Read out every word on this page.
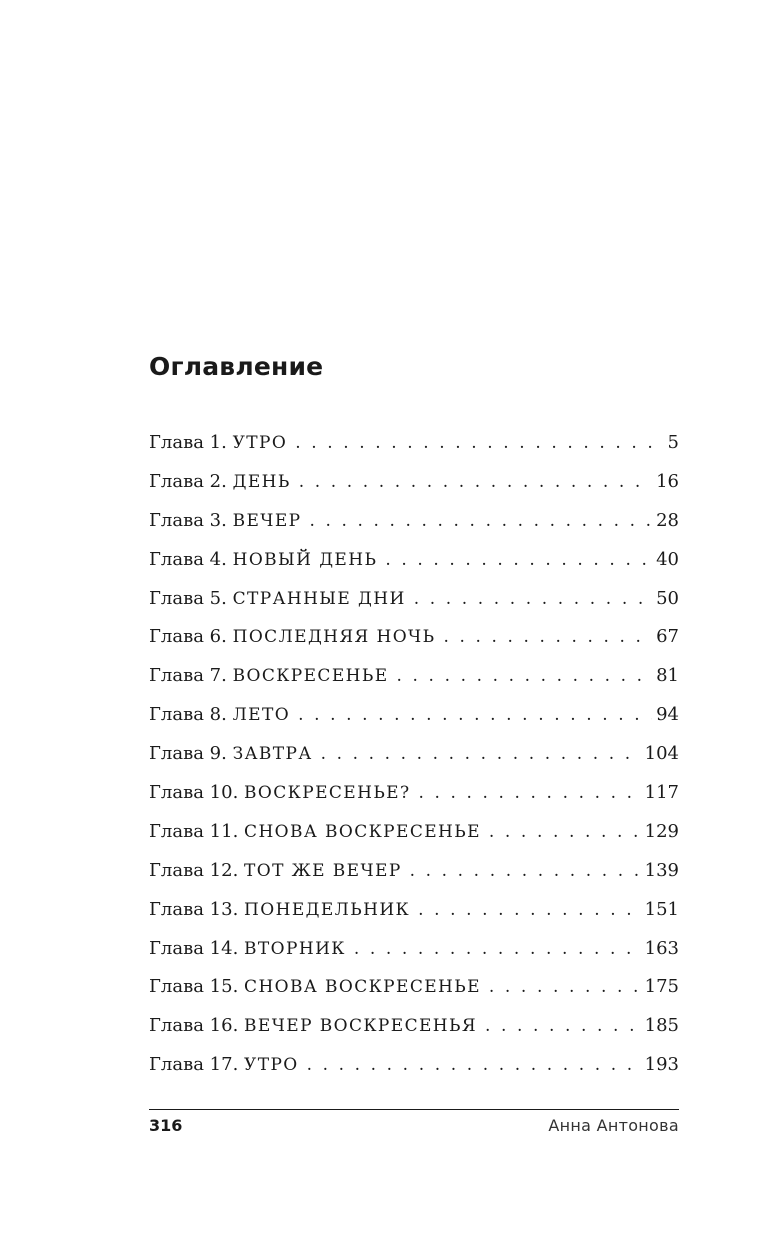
Оглавление
Глава 1. УТРО . . .	5
Глава 2. ДЕНЬ . . .	16
Глава 3. ВЕЧЕР . . .	28
Глава 4. НОВЫЙ ДЕНЬ . . .	40
Глава 5. СТРАННЫЕ ДНИ . . .	50
Глава 6. ПОСЛЕДНЯЯ НОЧЬ . . .	67
Глава 7. ВОСКРЕСЕНЬЕ . . .	81
Глава 8. ЛЕТО . . .	94
Глава 9. ЗАВТРА . . .	104
Глава 10. ВОСКРЕСЕНЬЕ? . . .	117
Глава 11. СНОВА ВОСКРЕСЕНЬЕ . . .	129
Глава 12. ТОТ ЖЕ ВЕЧЕР . . .	139
Глава 13. ПОНЕДЕЛЬНИК . . .	151
Глава 14. ВТОРНИК . . .	163
Глава 15. СНОВА ВОСКРЕСЕНЬЕ . . .	175
Глава 16. ВЕЧЕР ВОСКРЕСЕНЬЯ . . .	185
Глава 17. УТРО . . .	193
316	Анна Антонова
